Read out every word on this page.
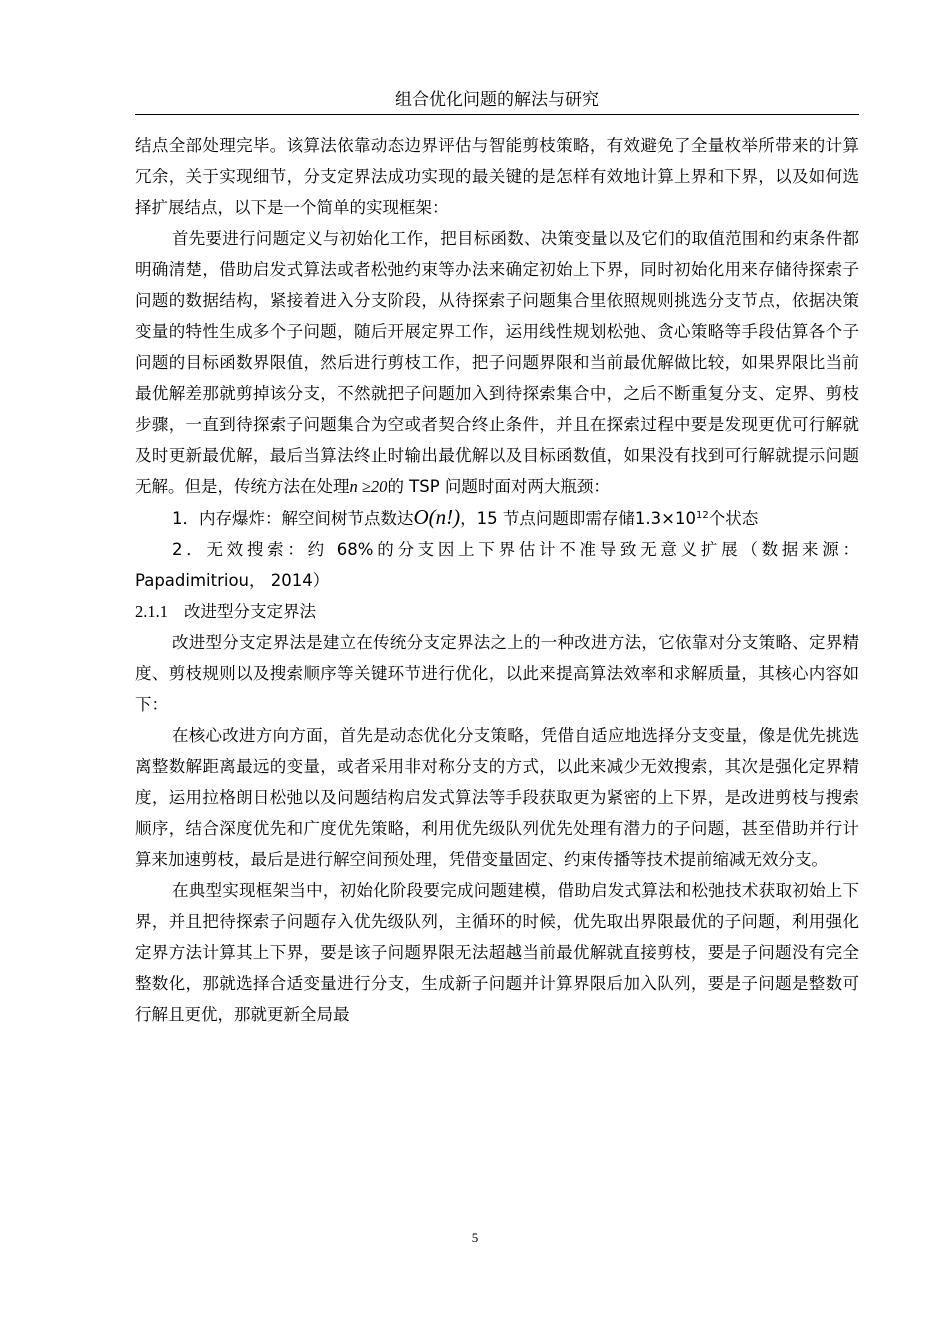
组合优化问题的解法与研究

结点全部处理完毕。该算法依靠动态边界评估与智能剪枝策略，有效避免了全量枚举所带来的计算冗余，关于实现细节，分支定界法成功实现的最关键的是怎样有效地计算上界和下界，以及如何选择扩展结点，以下是一个简单的实现框架：

首先要进行问题定义与初始化工作，把目标函数、决策变量以及它们的取值范围和约束条件都明确清楚，借助启发式算法或者松弛约束等办法来确定初始上下界，同时初始化用来存储待探索子问题的数据结构，紧接着进入分支阶段，从待探索子问题集合里依照规则挑选分支节点，依据决策变量的特性生成多个子问题，随后开展定界工作，运用线性规划松弛、贪心策略等手段估算各个子问题的目标函数界限值，然后进行剪枝工作，把子问题界限和当前最优解做比较，如果界限比当前最优解差那就剪掉该分支，不然就把子问题加入到待探索集合中，之后不断重复分支、定界、剪枝步骤，一直到待探索子问题集合为空或者契合终止条件，并且在探索过程中要是发现更优可行解就及时更新最优解，最后当算法终止时输出最优解以及目标函数值，如果没有找到可行解就提示问题无解。但是，传统方法在处理n ≥20的 TSP 问题时面对两大瓶颈：

1．内存爆炸：解空间树节点数达O(n!)，15 节点问题即需存储$1.3\times 10^{12}$个状态

2．无效搜索：约 68%的分支因上下界估计不准导致无意义扩展（数据来源：Papadimitriou， 2014）

2.1.1 改进型分支定界法

改进型分支定界法是建立在传统分支定界法之上的一种改进方法，它依靠对分支策略、定界精度、剪枝规则以及搜索顺序等关键环节进行优化，以此来提高算法效率和求解质量，其核心内容如下：

在核心改进方向方面，首先是动态优化分支策略，凭借自适应地选择分支变量，像是优先挑选离整数解距离最远的变量，或者采用非对称分支的方式，以此来减少无效搜索，其次是强化定界精度，运用拉格朗日松弛以及问题结构启发式算法等手段获取更为紧密的上下界，是改进剪枝与搜索顺序，结合深度优先和广度优先策略，利用优先级队列优先处理有潜力的子问题，甚至借助并行计算来加速剪枝，最后是进行解空间预处理，凭借变量固定、约束传播等技术提前缩减无效分支。

在典型实现框架当中，初始化阶段要完成问题建模，借助启发式算法和松弛技术获取初始上下界，并且把待探索子问题存入优先级队列，主循环的时候，优先取出界限最优的子问题，利用强化定界方法计算其上下界，要是该子问题界限无法超越当前最优解就直接剪枝，要是子问题没有完全整数化，那就选择合适变量进行分支，生成新子问题并计算界限后加入队列，要是子问题是整数可行解且更优，那就更新全局最

5
